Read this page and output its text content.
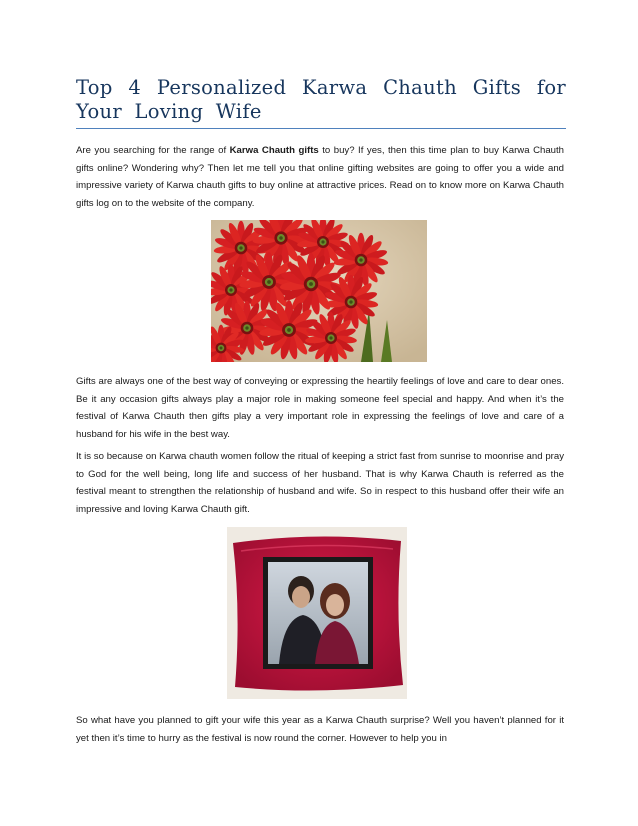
Top 4 Personalized Karwa Chauth Gifts for Your Loving Wife

Are you searching for the range of Karwa Chauth gifts to buy? If yes, then this time plan to buy Karwa Chauth gifts online? Wondering why? Then let me tell you that online gifting websites are going to offer you a wide and impressive variety of Karwa chauth gifts to buy online at attractive prices. Read on to know more on Karwa Chauth gifts log on to the website of the company.

Gifts are always one of the best way of conveying or expressing the heartily feelings of love and care to dear ones. Be it any occasion gifts always play a major role in making someone feel special and happy. And when it’s the festival of Karwa Chauth then gifts play a very important role in expressing the feelings of love and care of a husband for his wife in the best way.

It is so because on Karwa chauth women follow the ritual of keeping a strict fast from sunrise to moonrise and pray to God for the well being, long life and success of her husband. That is why Karwa Chauth is referred as the festival meant to strengthen the relationship of husband and wife. So in respect to this husband offer their wife an impressive and loving Karwa Chauth gift.

So what have you planned to gift your wife this year as a Karwa Chauth surprise? Well you haven’t planned for it yet then it’s time to hurry as the festival is now round the corner. However to help you in
